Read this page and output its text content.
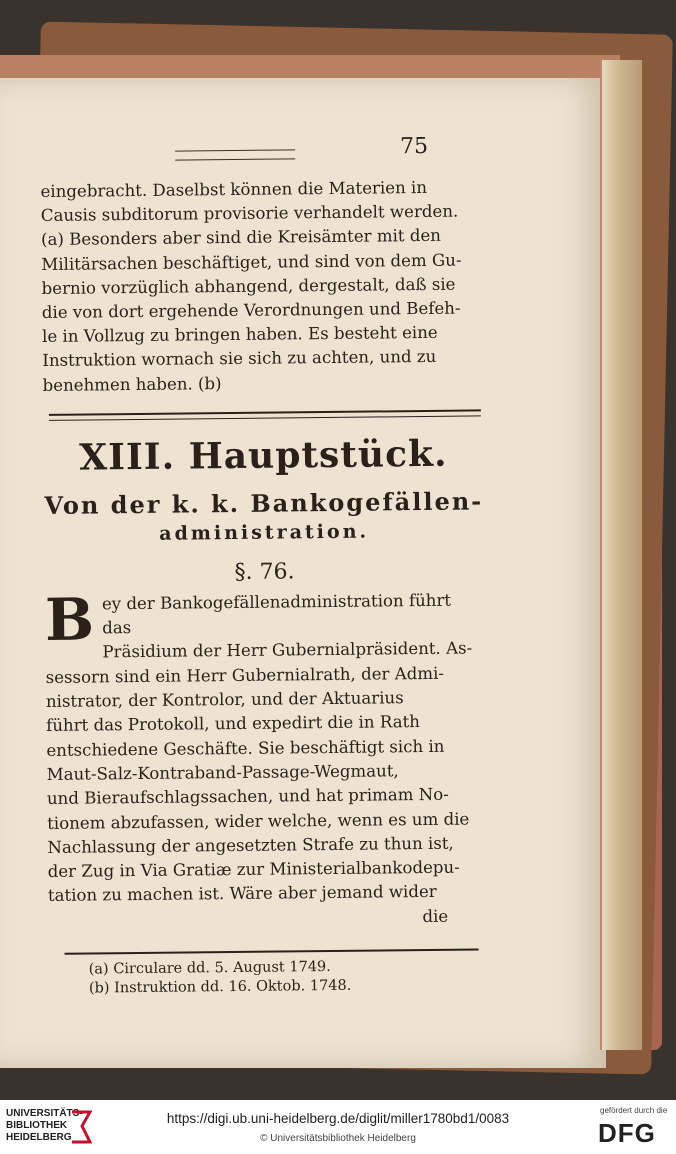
75
eingebracht. Daselbst können die Materien in
Causis subditorum provisorie verhandelt werden.
(a) Besonders aber sind die Kreisämter mit den
Militärsachen beschäftiget, und sind von dem Gu-
bernio vorzüglich abhangend, dergestalt, daß sie
die von dort ergehende Verordnungen und Befeh-
le in Vollzug zu bringen haben. Es besteht eine
Instruktion wornach sie sich zu achten, und zu
benehmen haben. (b)
XIII. Hauptstück.
Von der k. k. Bankogefällen-
administration.
§. 76.
B ey der Bankogefällenadministration führt das
Präsidium der Herr Gubernialpräsident. As-
sessorn sind ein Herr Gubernialrath, der Admi-
nistrator, der Kontrolor, und der Aktuarius
führt das Protokoll, und expedirt die in Rath
entschiedene Geschäfte. Sie beschäftigt sich in
Maut-Salz-Kontraband-Passage-Wegmaut,
und Bieraufschlagssachen, und hat primam No-
tionem abzufassen, wider welche, wenn es um die
Nachlassung der angesetzten Strafe zu thun ist,
der Zug in Via Gratiæ zur Ministerialbankodepu-
tation zu machen ist. Wäre aber jemand wider
die
(a) Circulare dd. 5. August 1749.
(b) Instruktion dd. 16. Oktob. 1748.
UNIVERSITÄTS-
BIBLIOTHEK
HEIDELBERG
https://digi.ub.uni-heidelberg.de/diglit/miller1780bd1/0083
© Universitätsbibliothek Heidelberg
gefördert durch die
DFG
